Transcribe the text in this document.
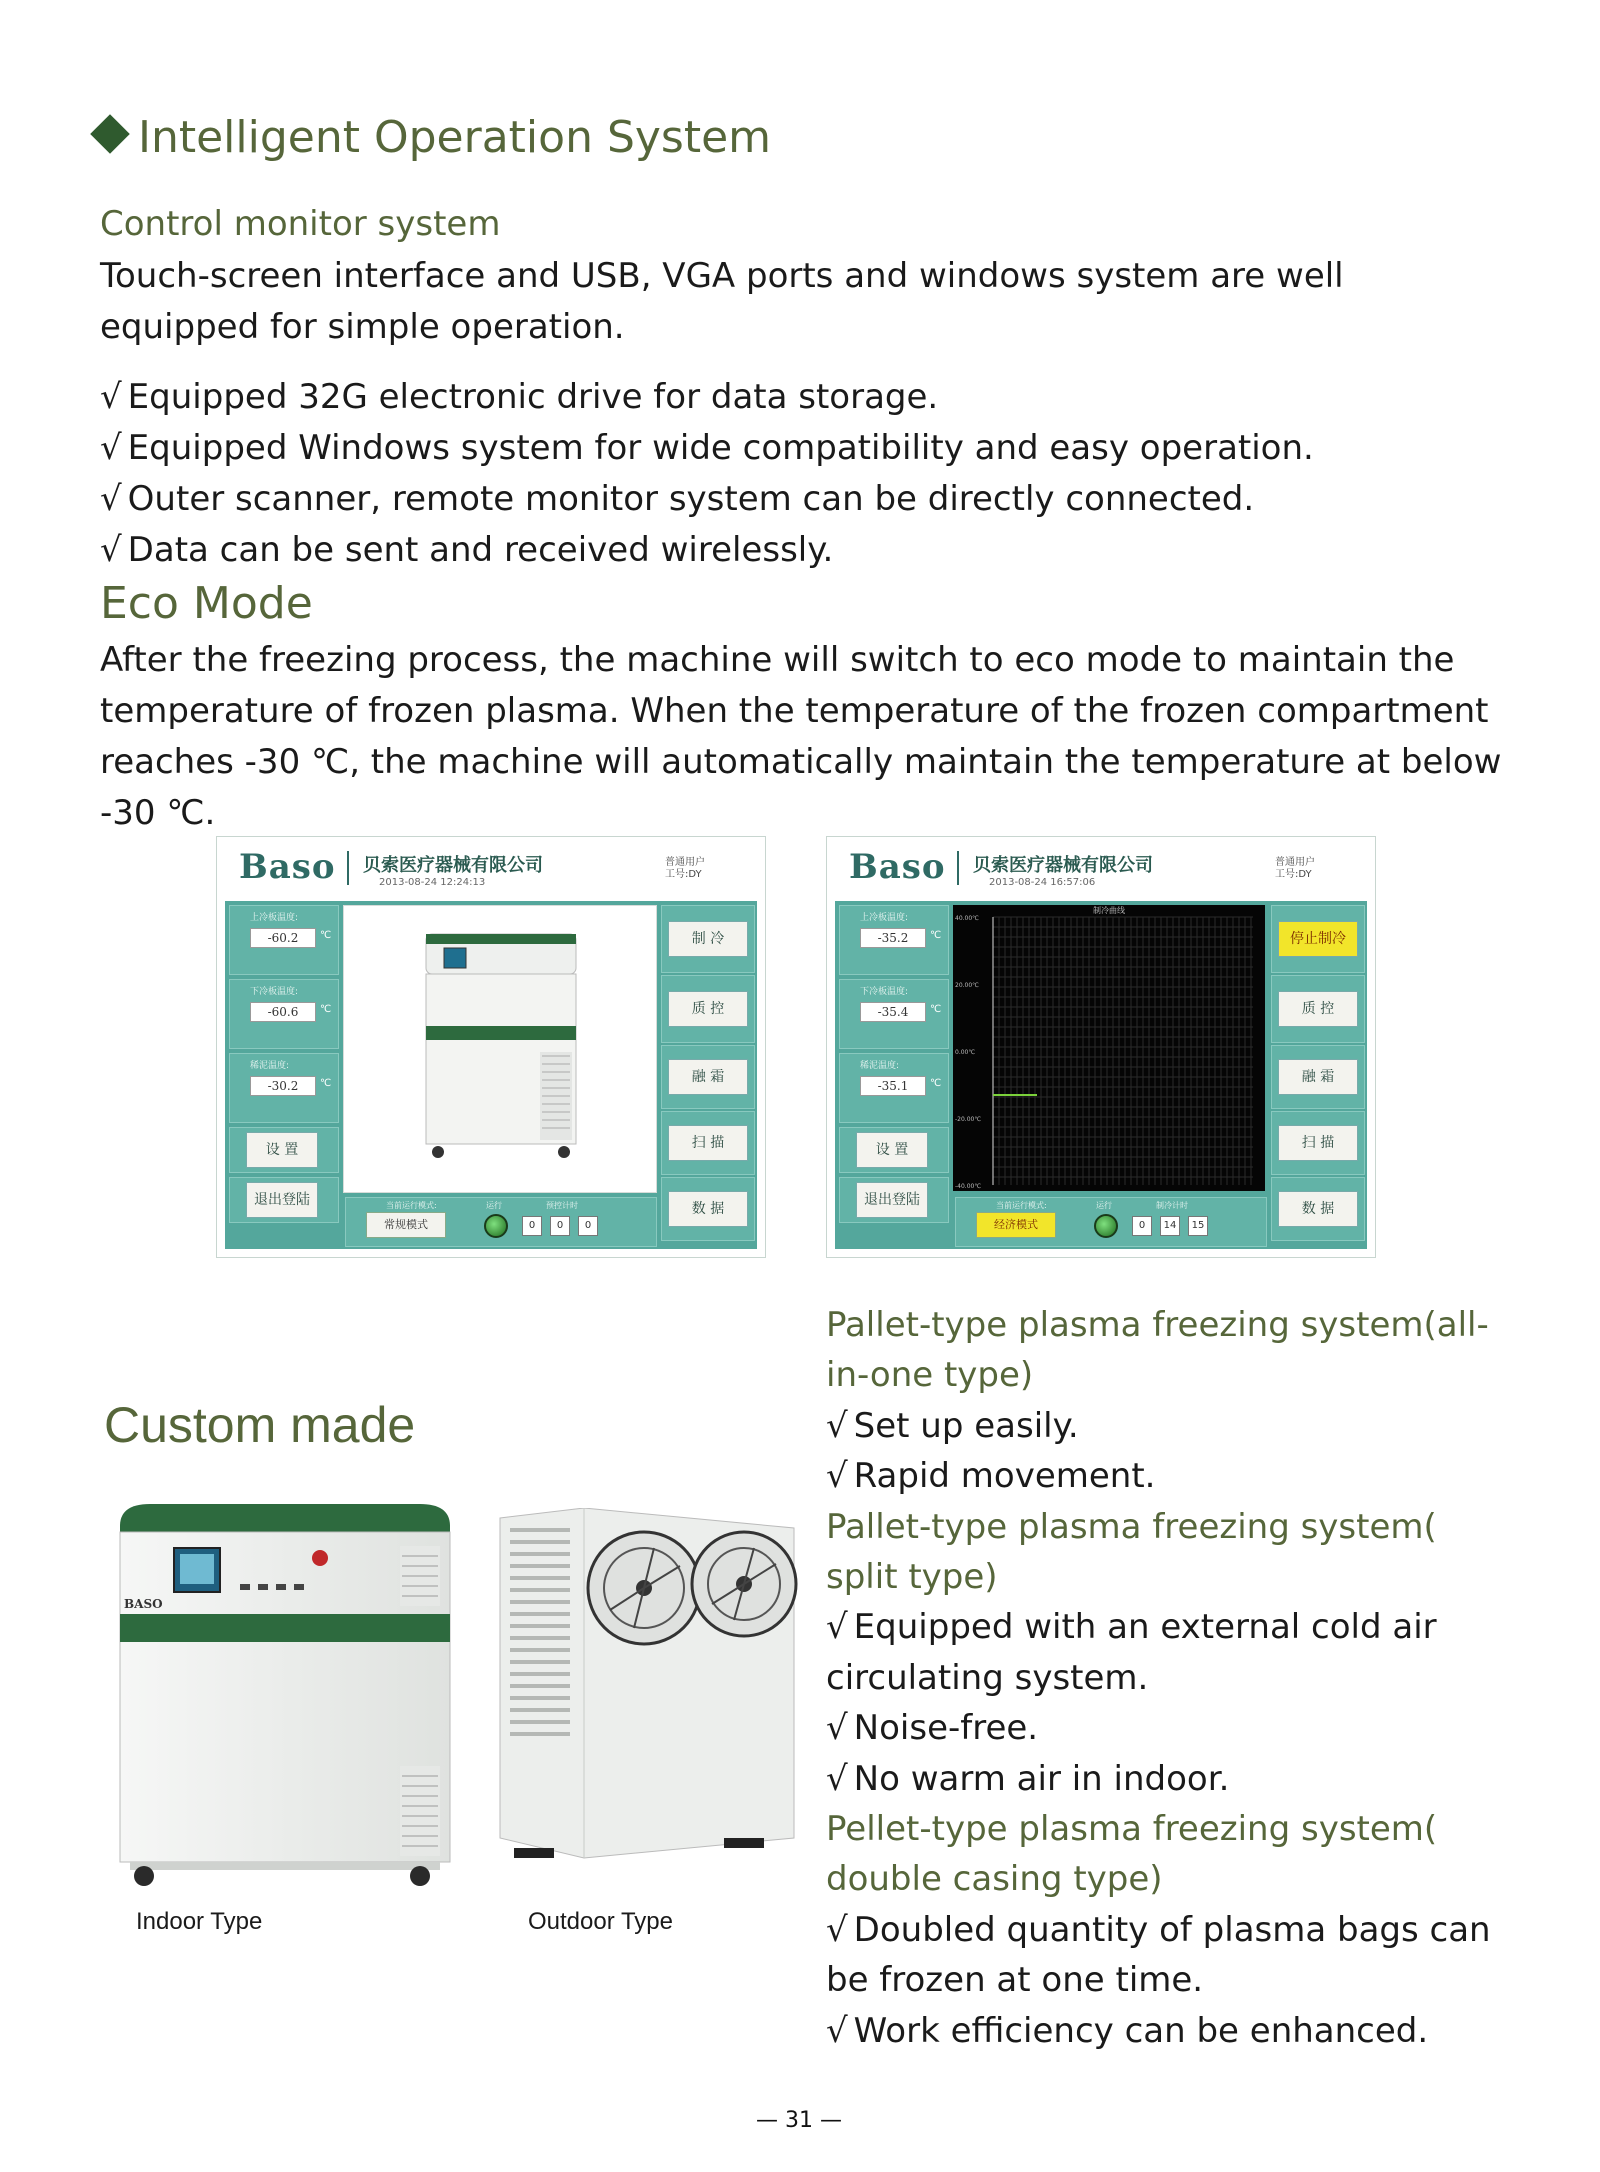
Intelligent Operation System
Control monitor system

Touch-screen interface and USB, VGA ports and windows system are well equipped for simple operation.

√ Equipped 32G electronic drive for data storage.
√ Equipped Windows system for wide compatibility and easy operation.
√ Outer scanner, remote monitor system can be directly connected.
√ Data can be sent and received wirelessly.
Eco Mode

After the freezing process, the machine will switch to eco mode to maintain the temperature of frozen plasma. When the temperature of the frozen compartment reaches -30 ℃, the machine will automatically maintain the temperature at below -30 ℃.

Baso 贝索医疗器械有限公司
2013-08-24 12:24:13
普通用户
工号:DY
上冷板温度:
-60.2	℃
下冷板温度:
-60.6	℃
稀泥温度:
-30.2	℃
设 置
退出登陆
制 冷
质 控
融 霜
扫 描
数 据
当前运行模式:	运行	预控计时
常规模式	0	0	0
Baso 贝索医疗器械有限公司
2013-08-24 16:57:06
普通用户
工号:DY
上冷板温度:
-35.2	℃
下冷板温度:
-35.4	℃
稀泥温度:
-35.1	℃
设 置
退出登陆
制冷曲线
40.00℃
20.00℃
0.00℃
-20.00℃
-40.00℃
停止制冷
质 控
融 霜
扫 描
数 据
当前运行模式:	运行	制冷计时
经济模式	0	14	15
Custom made
BASO
Indoor Type	Outdoor Type
Pallet-type plasma freezing system(all-
in-one type)
√ Set up easily.
√ Rapid movement.
Pallet-type plasma freezing system(
split type)
√ Equipped with an external cold air
circulating system.
√ Noise-free.
√ No warm air in indoor.
Pellet-type plasma freezing system(
double casing type)
√ Doubled quantity of plasma bags can
be frozen at one time.
√ Work efficiency can be enhanced.
— 31 —
